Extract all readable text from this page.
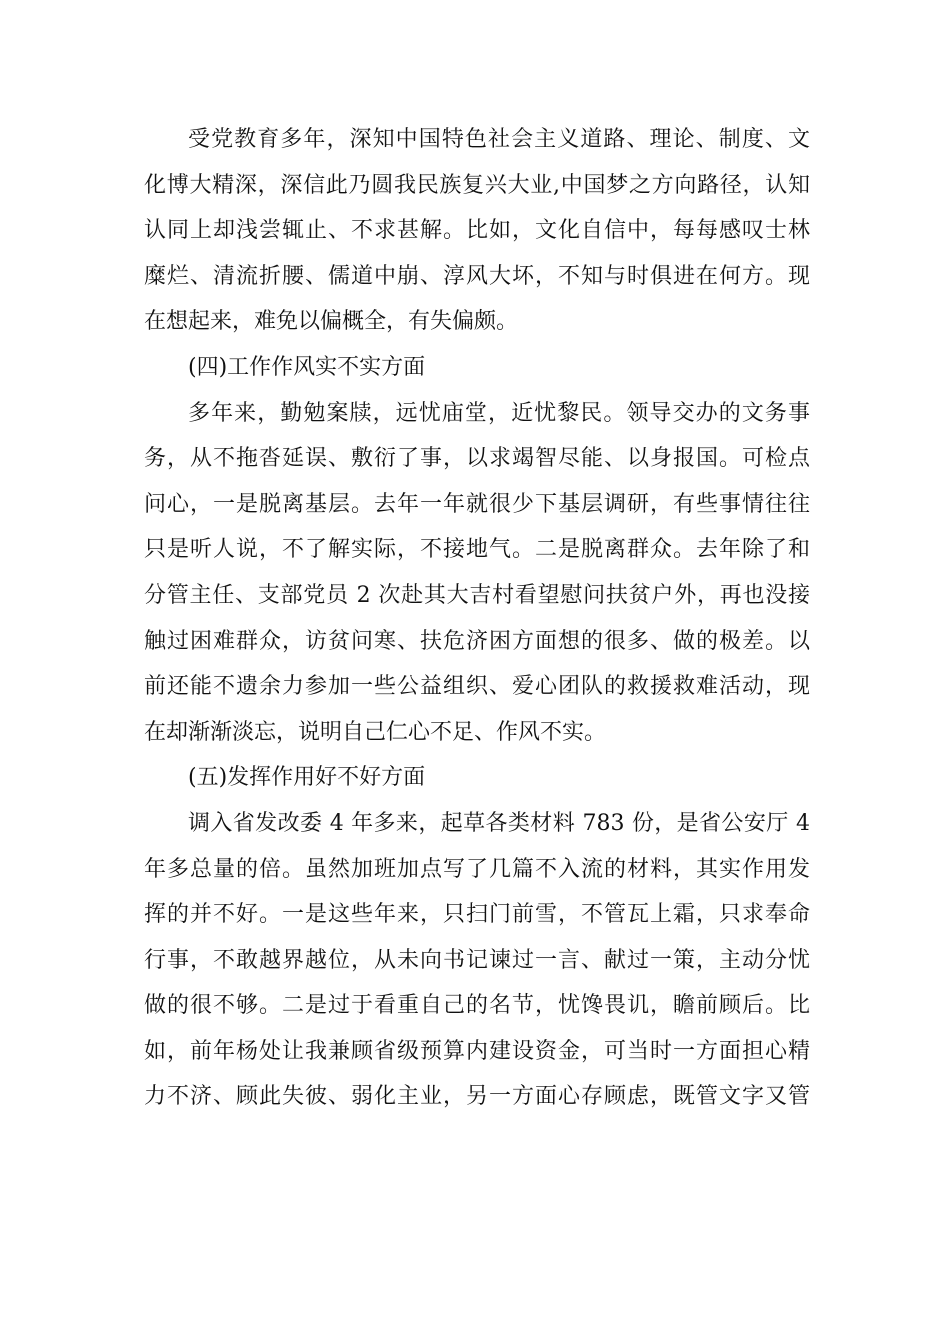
受党教育多年，深知中国特色社会主义道路、理论、制度、文
化博大精深，深信此乃圆我民族复兴大业,中国梦之方向路径，认知
认同上却浅尝辄止、不求甚解。比如，文化自信中，每每感叹士林
糜烂、清流折腰、儒道中崩、淳风大坏，不知与时俱进在何方。现
在想起来，难免以偏概全，有失偏颇。
(四)工作作风实不实方面
多年来，勤勉案牍，远忧庙堂，近忧黎民。领导交办的文务事
务，从不拖沓延误、敷衍了事，以求竭智尽能、以身报国。可检点
问心，一是脱离基层。去年一年就很少下基层调研，有些事情往往
只是听人说，不了解实际，不接地气。二是脱离群众。去年除了和
分管主任、支部党员 2 次赴其大吉村看望慰问扶贫户外，再也没接
触过困难群众，访贫问寒、扶危济困方面想的很多、做的极差。以
前还能不遗余力参加一些公益组织、爱心团队的救援救难活动，现
在却渐渐淡忘，说明自己仁心不足、作风不实。
(五)发挥作用好不好方面
调入省发改委 4 年多来，起草各类材料 783 份，是省公安厅 4
年多总量的倍。虽然加班加点写了几篇不入流的材料，其实作用发
挥的并不好。一是这些年来，只扫门前雪，不管瓦上霜，只求奉命
行事，不敢越界越位，从未向书记谏过一言、献过一策，主动分忧
做的很不够。二是过于看重自己的名节，忧馋畏讥，瞻前顾后。比
如，前年杨处让我兼顾省级预算内建设资金，可当时一方面担心精
力不济、顾此失彼、弱化主业，另一方面心存顾虑，既管文字又管
